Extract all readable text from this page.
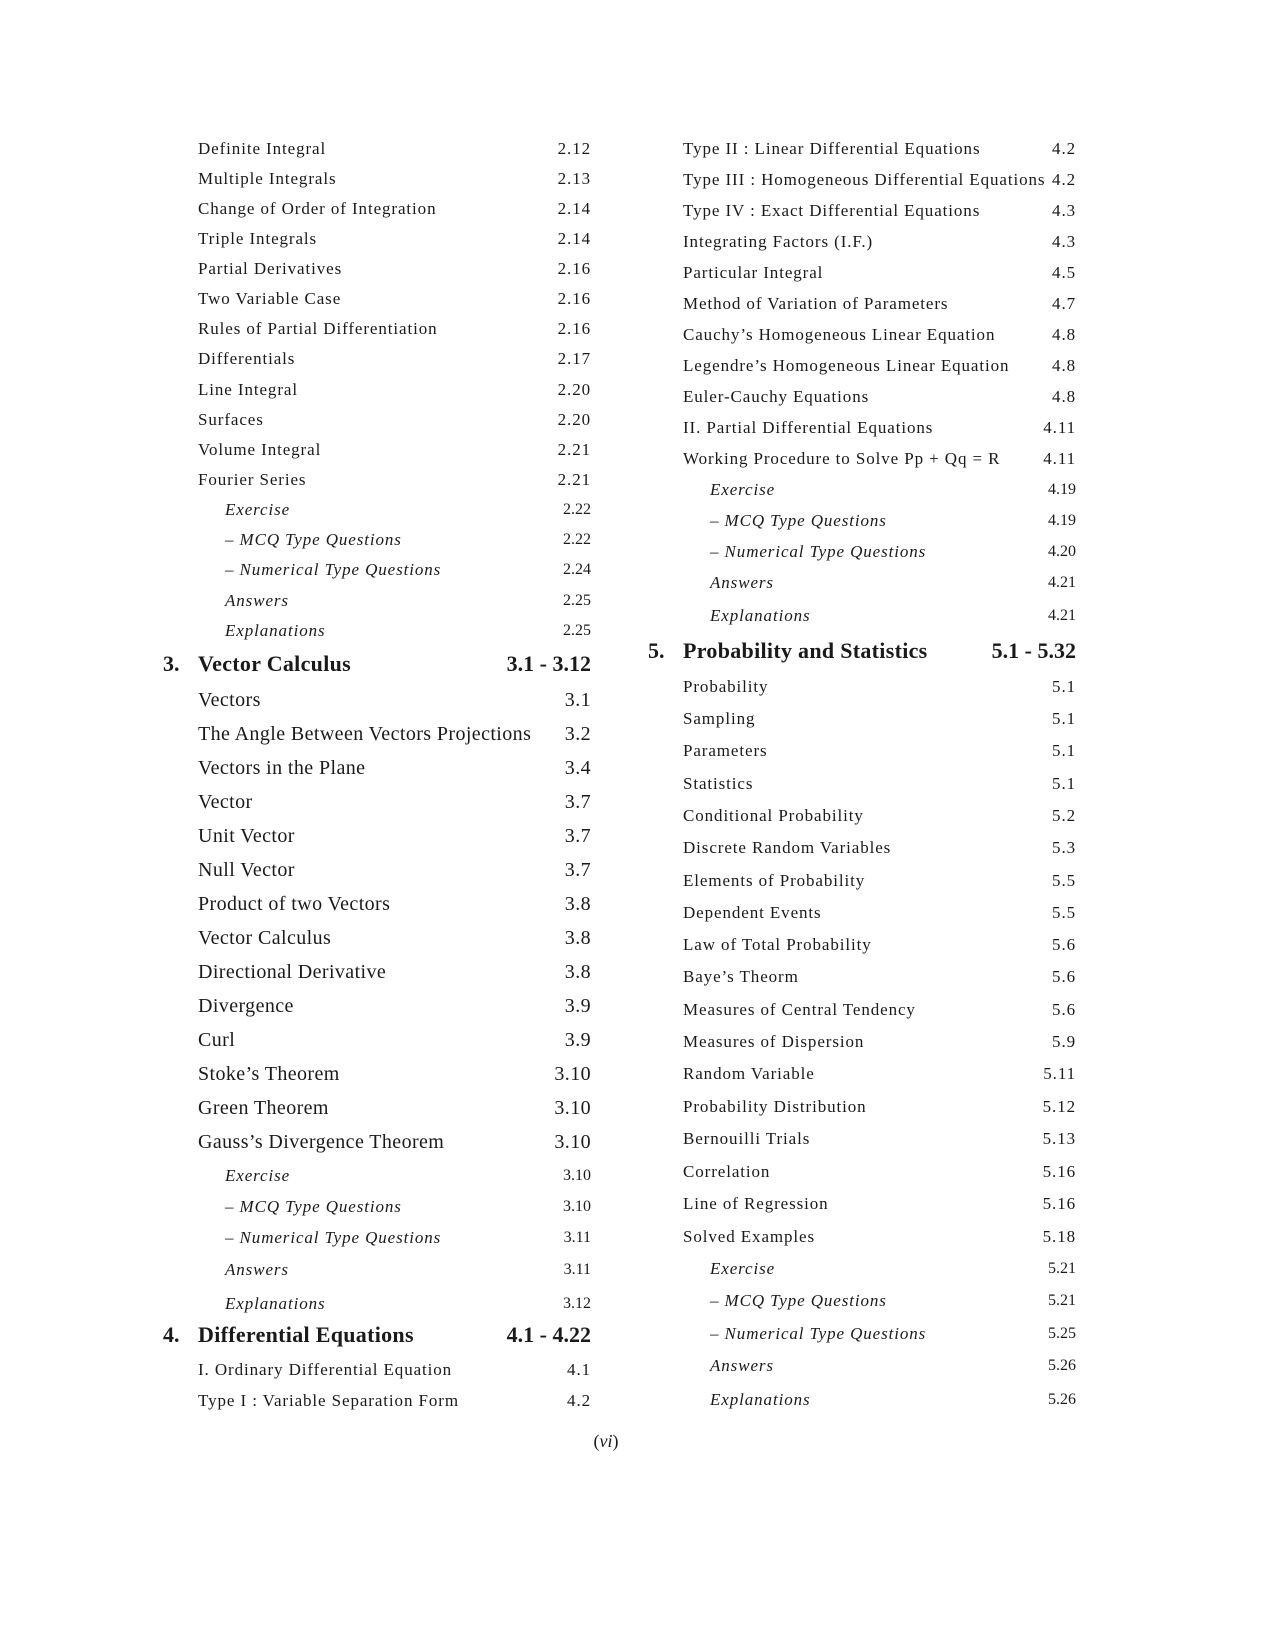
Definite Integral	2.12
Multiple Integrals	2.13
Change of Order of Integration	2.14
Triple Integrals	2.14
Partial Derivatives	2.16
Two Variable Case	2.16
Rules of Partial Differentiation	2.16
Differentials	2.17
Line Integral	2.20
Surfaces	2.20
Volume Integral	2.21
Fourier Series	2.21
Exercise	2.22
– MCQ Type Questions	2.22
– Numerical Type Questions	2.24
Answers	2.25
Explanations	2.25
3. Vector Calculus	3.1 - 3.12
Vectors	3.1
The Angle Between Vectors Projections 3.2
Vectors in the Plane	3.4
Vector	3.7
Unit Vector	3.7
Null Vector	3.7
Product of two Vectors	3.8
Vector Calculus	3.8
Directional Derivative	3.8
Divergence	3.9
Curl	3.9
Stoke’s Theorem	3.10
Green Theorem	3.10
Gauss’s Divergence Theorem	3.10
Exercise	3.10
– MCQ Type Questions	3.10
– Numerical Type Questions	3.11
Answers	3.11
Explanations	3.12
4. Differential Equations	4.1 - 4.22
I. Ordinary Differential Equation	4.1
Type I : Variable Separation Form	4.2
Type II : Linear Differential Equations	4.2
Type III : Homogeneous Differential Equations 4.2
Type IV : Exact Differential Equations	4.3
Integrating Factors (I.F.)	4.3
Particular Integral	4.5
Method of Variation of Parameters	4.7
Cauchy’s Homogeneous Linear Equation	4.8
Legendre’s Homogeneous Linear Equation	4.8
Euler-Cauchy Equations	4.8
II. Partial Differential Equations	4.11
Working Procedure to Solve Pp + Qq = R	4.11
Exercise	4.19
– MCQ Type Questions	4.19
– Numerical Type Questions	4.20
Answers	4.21
Explanations	4.21
5. Probability and Statistics	5.1 - 5.32
Probability	5.1
Sampling	5.1
Parameters	5.1
Statistics	5.1
Conditional Probability	5.2
Discrete Random Variables	5.3
Elements of Probability	5.5
Dependent Events	5.5
Law of Total Probability	5.6
Baye’s Theorm	5.6
Measures of Central Tendency	5.6
Measures of Dispersion	5.9
Random Variable	5.11
Probability Distribution	5.12
Bernouilli Trials	5.13
Correlation	5.16
Line of Regression	5.16
Solved Examples	5.18
Exercise	5.21
– MCQ Type Questions	5.21
– Numerical Type Questions	5.25
Answers	5.26
Explanations	5.26
(vi)
